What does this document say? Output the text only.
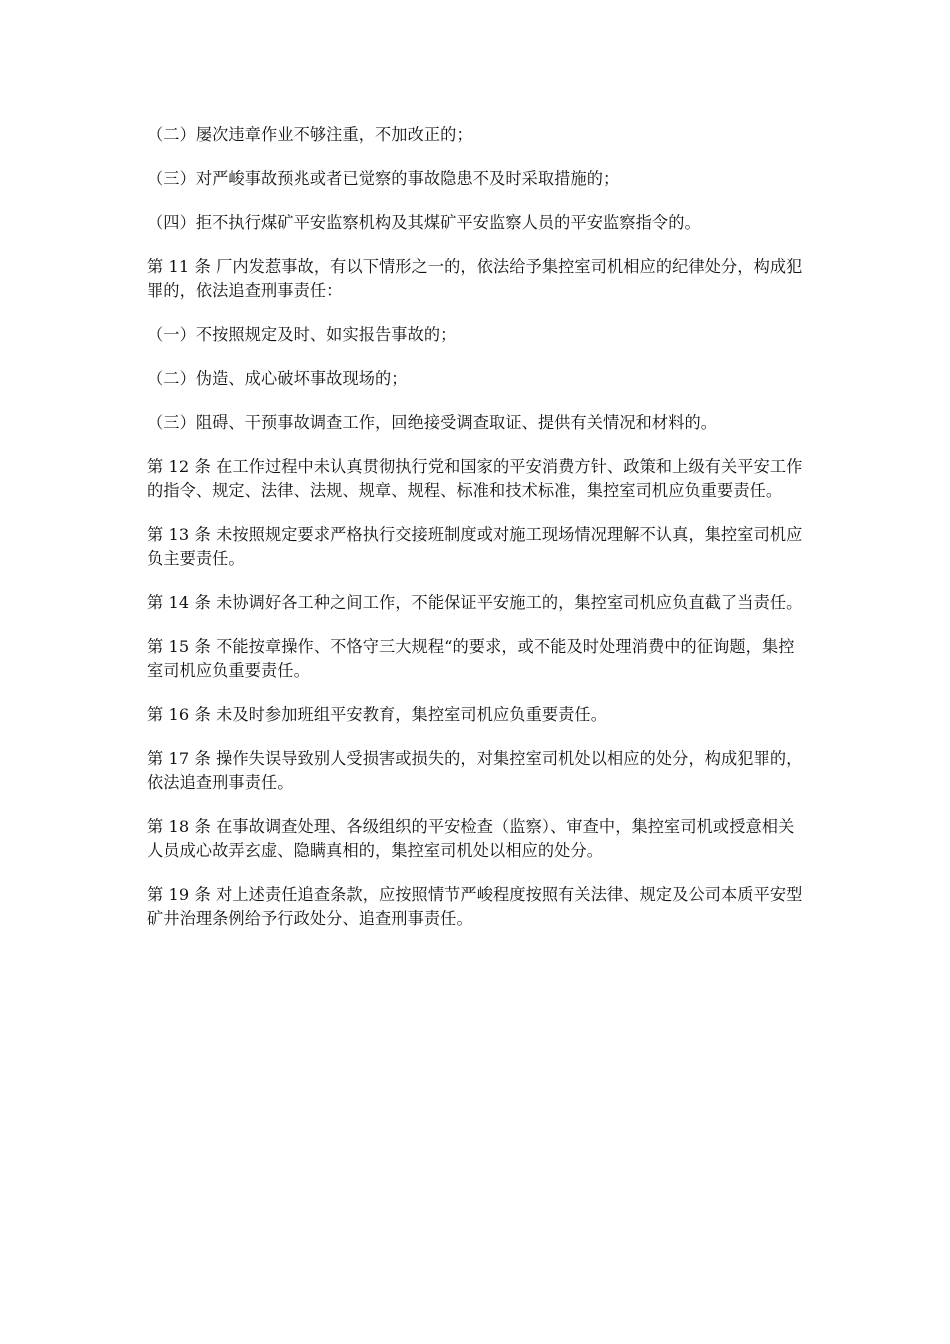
（二）屡次违章作业不够注重，不加改正的；

（三）对严峻事故预兆或者已觉察的事故隐患不及时采取措施的；

（四）拒不执行煤矿平安监察机构及其煤矿平安监察人员的平安监察指令的。

第 11 条 厂内发惹事故，有以下情形之一的，依法给予集控室司机相应的纪律处分，构成犯罪的，依法追查刑事责任：

（一）不按照规定及时、如实报告事故的；

（二）伪造、成心破坏事故现场的；

（三）阻碍、干预事故调查工作，回绝接受调查取证、提供有关情况和材料的。

第 12 条 在工作过程中未认真贯彻执行党和国家的平安消费方针、政策和上级有关平安工作的指令、规定、法律、法规、规章、规程、标准和技术标准，集控室司机应负重要责任。

第 13 条 未按照规定要求严格执行交接班制度或对施工现场情况理解不认真，集控室司机应负主要责任。

第 14 条 未协调好各工种之间工作，不能保证平安施工的，集控室司机应负直截了当责任。

第 15 条 不能按章操作、不恪守三大规程“的要求，或不能及时处理消费中的征询题，集控室司机应负重要责任。

第 16 条 未及时参加班组平安教育，集控室司机应负重要责任。

第 17 条 操作失误导致别人受损害或损失的，对集控室司机处以相应的处分，构成犯罪的，依法追查刑事责任。

第 18 条 在事故调查处理、各级组织的平安检查（监察）、审查中，集控室司机或授意相关人员成心故弄玄虚、隐瞒真相的，集控室司机处以相应的处分。

第 19 条 对上述责任追查条款，应按照情节严峻程度按照有关法律、规定及公司本质平安型矿井治理条例给予行政处分、追查刑事责任。
